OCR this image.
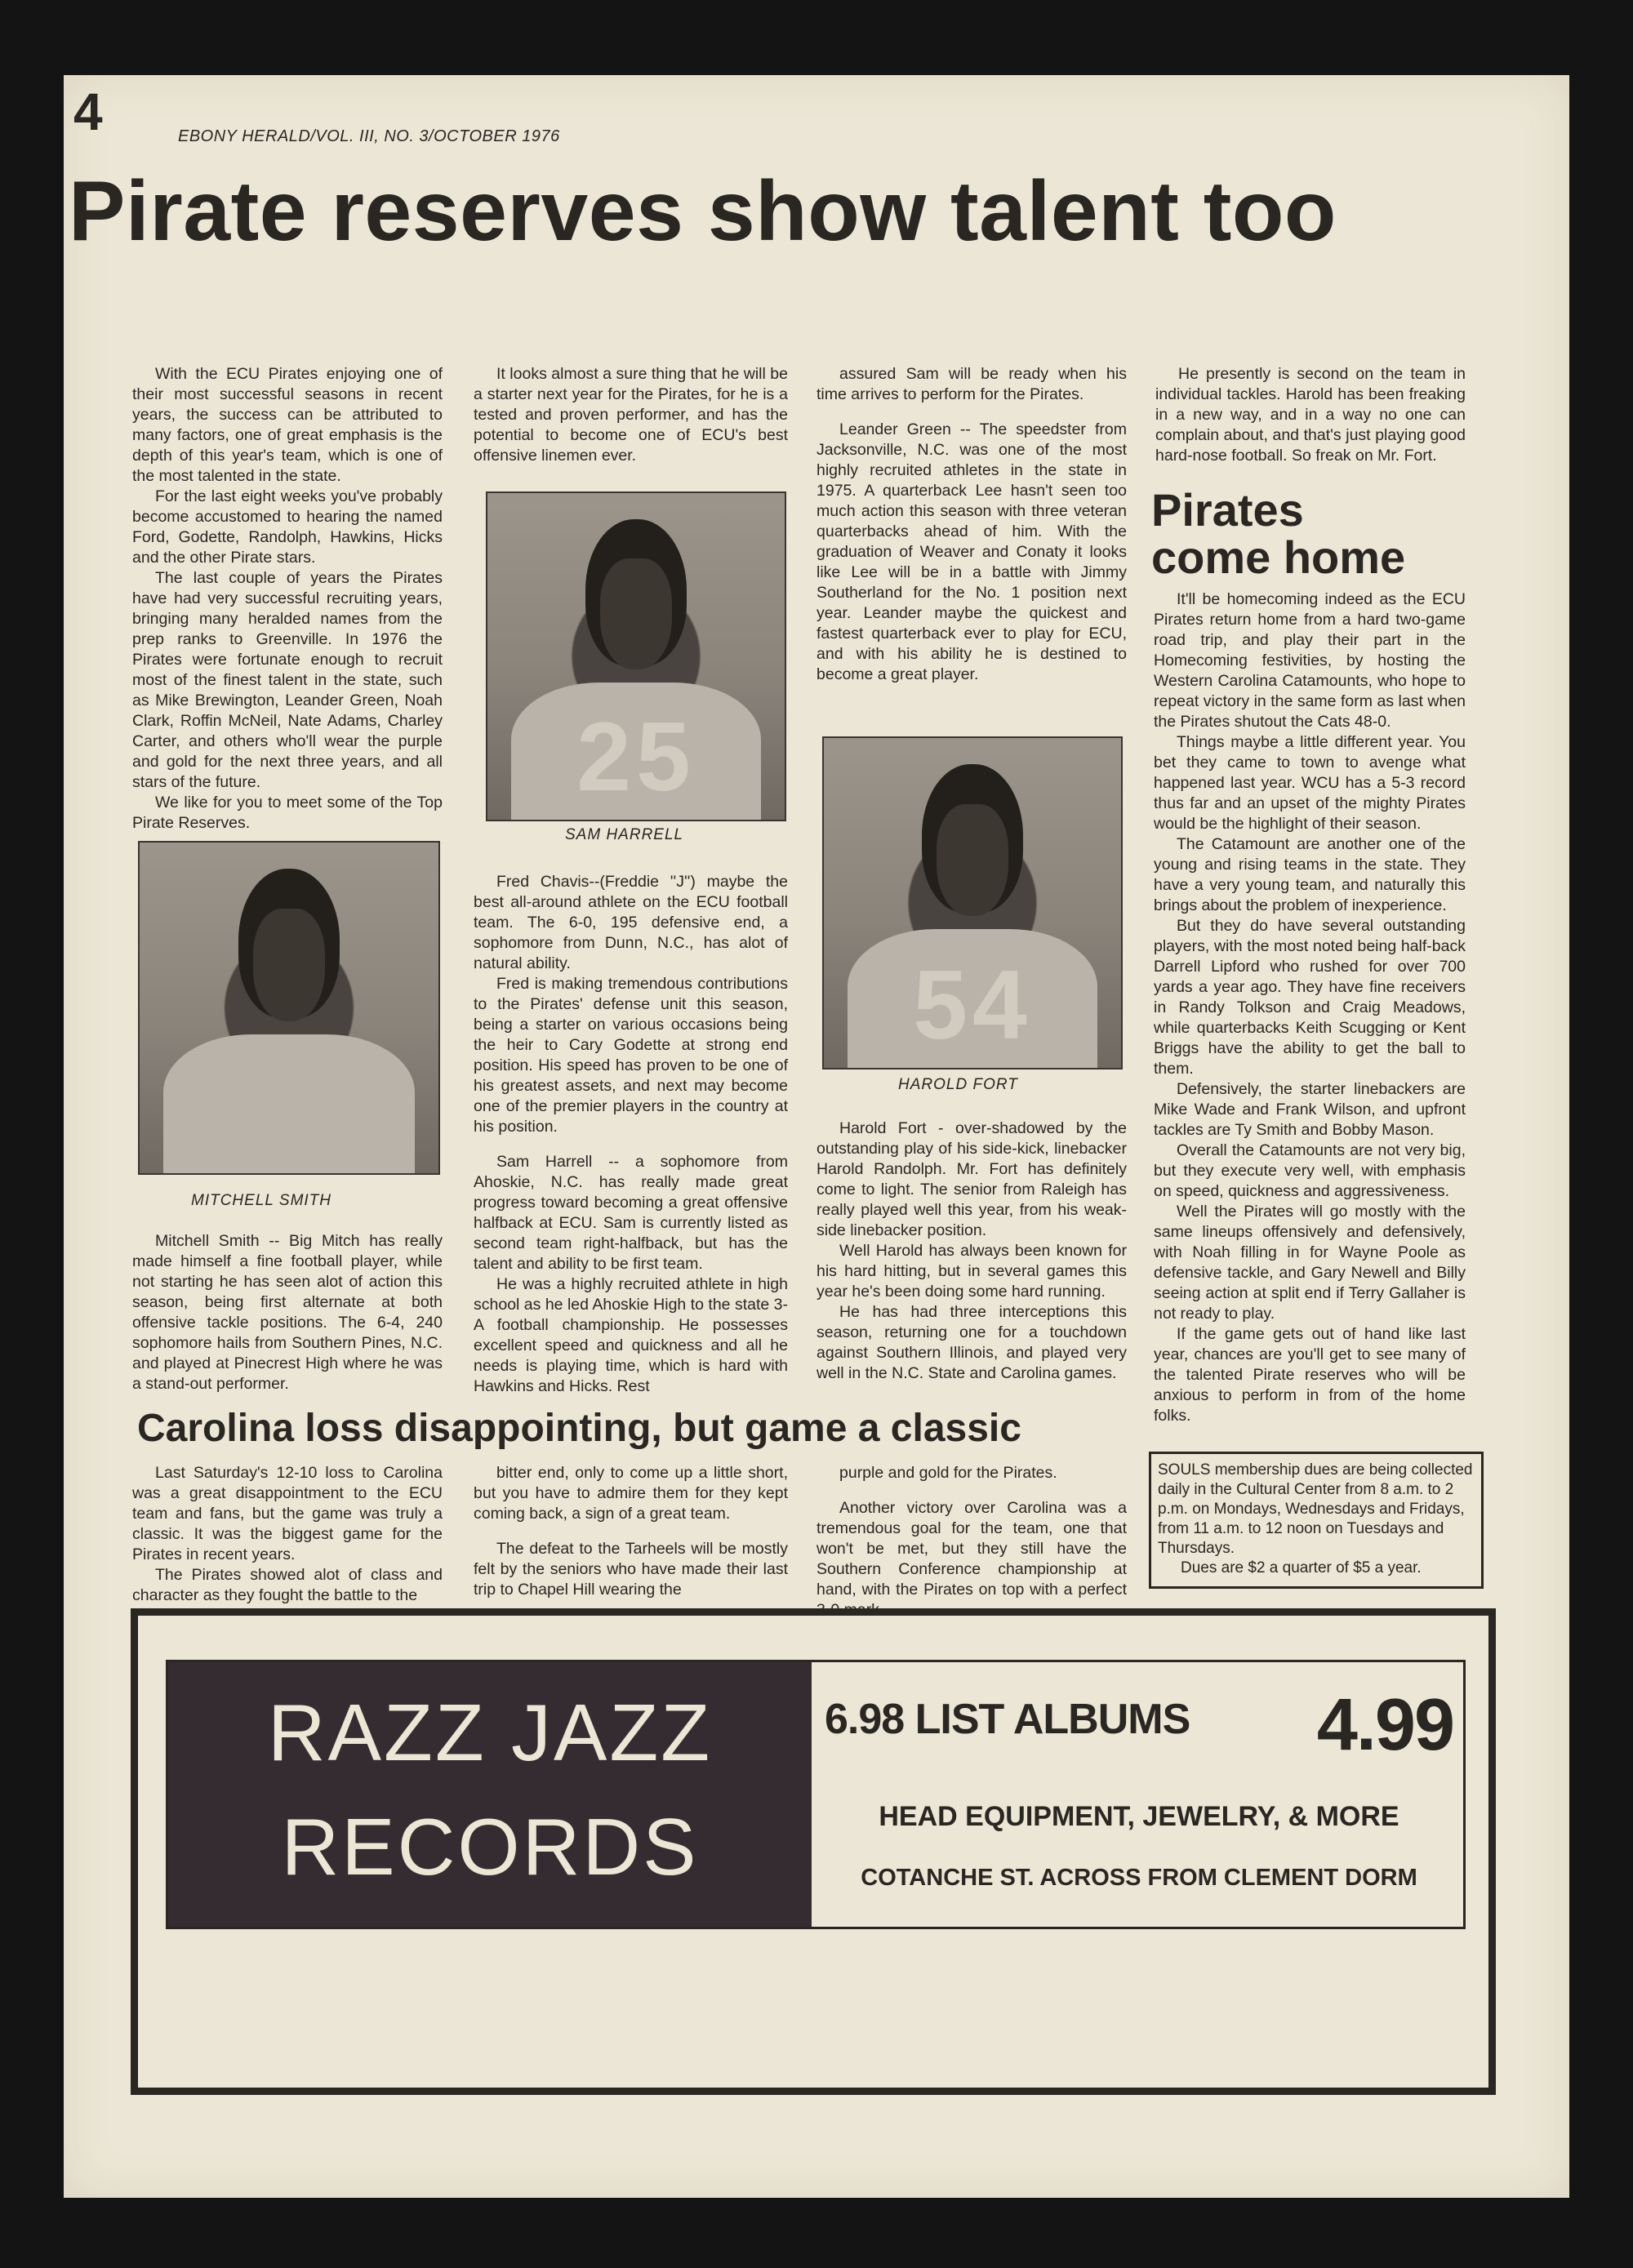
4	EBONY HERALD/VOL. III, NO. 3/OCTOBER 1976
Pirate reserves show talent too

With the ECU Pirates enjoying one of their most successful seasons in recent years, the success can be attributed to many factors, one of great emphasis is the depth of this year's team, which is one of the most talented in the state.

For the last eight weeks you've probably become accustomed to hearing the named Ford, Godette, Randolph, Hawkins, Hicks and the other Pirate stars.

The last couple of years the Pirates have had very successful recruiting years, bringing many heralded names from the prep ranks to Greenville. In 1976 the Pirates were fortunate enough to recruit most of the finest talent in the state, such as Mike Brewington, Leander Green, Noah Clark, Roffin McNeil, Nate Adams, Charley Carter, and others who'll wear the purple and gold for the next three years, and all stars of the future.

We like for you to meet some of the Top Pirate Reserves.

MITCHELL SMITH

Mitchell Smith -- Big Mitch has really made himself a fine football player, while not starting he has seen alot of action this season, being first alternate at both offensive tackle positions. The 6-4, 240 sophomore hails from Southern Pines, N.C. and played at Pinecrest High where he was a stand-out performer.

It looks almost a sure thing that he will be a starter next year for the Pirates, for he is a tested and proven performer, and has the potential to become one of ECU's best offensive linemen ever.

25
SAM HARRELL

Fred Chavis--(Freddie ''J'') maybe the best all-around athlete on the ECU football team. The 6-0, 195 defensive end, a sophomore from Dunn, N.C., has alot of natural ability.

Fred is making tremendous contributions to the Pirates' defense unit this season, being a starter on various occasions being the heir to Cary Godette at strong end position. His speed has proven to be one of his greatest assets, and next may become one of the premier players in the country at his position.

Sam Harrell -- a sophomore from Ahoskie, N.C. has really made great progress toward becoming a great offensive halfback at ECU. Sam is currently listed as second team right-halfback, but has the talent and ability to be first team.

He was a highly recruited athlete in high school as he led Ahoskie High to the state 3-A football championship. He possesses excellent speed and quickness and all he needs is playing time, which is hard with Hawkins and Hicks. Rest

assured Sam will be ready when his time arrives to perform for the Pirates.

Leander Green -- The speedster from Jacksonville, N.C. was one of the most highly recruited athletes in the state in 1975. A quarterback Lee hasn't seen too much action this season with three veteran quarterbacks ahead of him. With the graduation of Weaver and Conaty it looks like Lee will be in a battle with Jimmy Southerland for the No. 1 position next year. Leander maybe the quickest and fastest quarterback ever to play for ECU, and with his ability he is destined to become a great player.

54
HAROLD FORT

Harold Fort - over-shadowed by the outstanding play of his side-kick, linebacker Harold Randolph. Mr. Fort has definitely come to light. The senior from Raleigh has really played well this year, from his weak-side linebacker position.

Well Harold has always been known for his hard hitting, but in several games this year he's been doing some hard running.

He has had three interceptions this season, returning one for a touchdown against Southern Illinois, and played very well in the N.C. State and Carolina games.

He presently is second on the team in individual tackles. Harold has been freaking in a new way, and in a way no one can complain about, and that's just playing good hard-nose football. So freak on Mr. Fort.

Pirates
come home

It'll be homecoming indeed as the ECU Pirates return home from a hard two-game road trip, and play their part in the Homecoming festivities, by hosting the Western Carolina Catamounts, who hope to repeat victory in the same form as last when the Pirates shutout the Cats 48-0.

Things maybe a little different year. You bet they came to town to avenge what happened last year. WCU has a 5-3 record thus far and an upset of the mighty Pirates would be the highlight of their season.

The Catamount are another one of the young and rising teams in the state. They have a very young team, and naturally this brings about the problem of inexperience.

But they do have several outstanding players, with the most noted being half-back Darrell Lipford who rushed for over 700 yards a year ago. They have fine receivers in Randy Tolkson and Craig Meadows, while quarterbacks Keith Scugging or Kent Briggs have the ability to get the ball to them.

Defensively, the starter linebackers are Mike Wade and Frank Wilson, and upfront tackles are Ty Smith and Bobby Mason.

Overall the Catamounts are not very big, but they execute very well, with emphasis on speed, quickness and aggressiveness.

Well the Pirates will go mostly with the same lineups offensively and defensively, with Noah filling in for Wayne Poole as defensive tackle, and Gary Newell and Billy seeing action at split end if Terry Gallaher is not ready to play.

If the game gets out of hand like last year, chances are you'll get to see many of the talented Pirate reserves who will be anxious to perform in from of the home folks.

SOULS membership dues are being collected daily in the Cultural Center from 8 a.m. to 2 p.m. on Mondays, Wednesdays and Fridays, from 11 a.m. to 12 noon on Tuesdays and Thursdays.

Dues are $2 a quarter of $5 a year.

Carolina loss disappointing, but game a classic

Last Saturday's 12-10 loss to Carolina was a great disappointment to the ECU team and fans, but the game was truly a classic. It was the biggest game for the Pirates in recent years.

The Pirates showed alot of class and character as they fought the battle to the

bitter end, only to come up a little short, but you have to admire them for they kept coming back, a sign of a great team.

The defeat to the Tarheels will be mostly felt by the seniors who have made their last trip to Chapel Hill wearing the

purple and gold for the Pirates.

Another victory over Carolina was a tremendous goal for the team, one that won't be met, but they still have the Southern Conference championship at hand, with the Pirates on top with a perfect

RAZZ JAZZ
RECORDS
6.98 LIST ALBUMS 4.99
HEAD EQUIPMENT, JEWELRY, & MORE
COTANCHE ST. ACROSS FROM CLEMENT DORM
